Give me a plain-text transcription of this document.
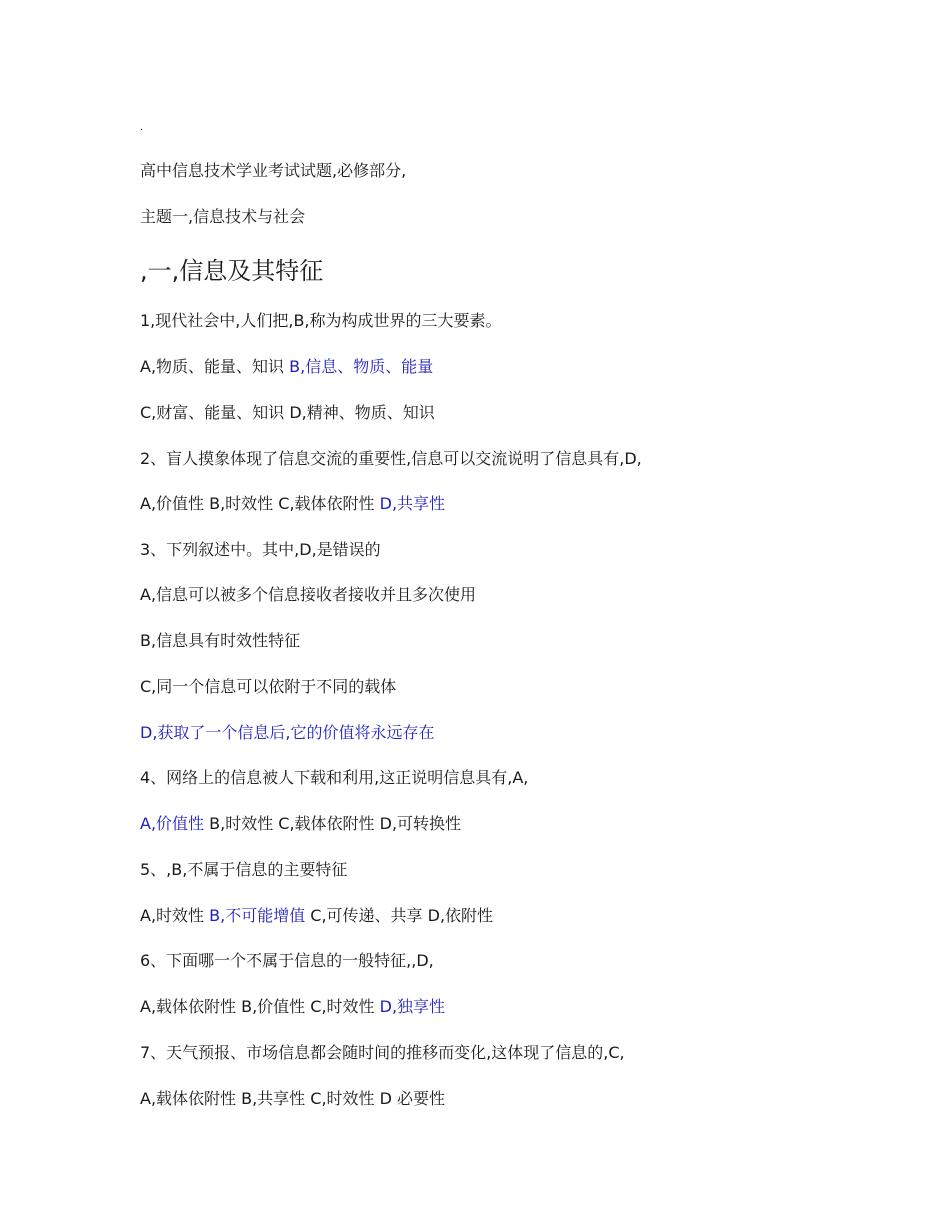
.
高中信息技术学业考试试题,必修部分,
主题一,信息技术与社会
,一,信息及其特征
1,现代社会中,人们把,B,称为构成世界的三大要素。
A,物质、能量、知识 B,信息、物质、能量
C,财富、能量、知识 D,精神、物质、知识
2、盲人摸象体现了信息交流的重要性,信息可以交流说明了信息具有,D,
A,价值性 B,时效性 C,载体依附性 D,共享性
3、下列叙述中。其中,D,是错误的
A,信息可以被多个信息接收者接收并且多次使用
B,信息具有时效性特征
C,同一个信息可以依附于不同的载体
D,获取了一个信息后,它的价值将永远存在
4、网络上的信息被人下载和利用,这正说明信息具有,A,
A,价值性 B,时效性 C,载体依附性 D,可转换性
5、,B,不属于信息的主要特征
A,时效性 B,不可能增值 C,可传递、共享 D,依附性
6、下面哪一个不属于信息的一般特征,,D,
A,载体依附性 B,价值性 C,时效性 D,独享性
7、天气预报、市场信息都会随时间的推移而变化,这体现了信息的,C,
A,载体依附性 B,共享性 C,时效性 D 必要性
